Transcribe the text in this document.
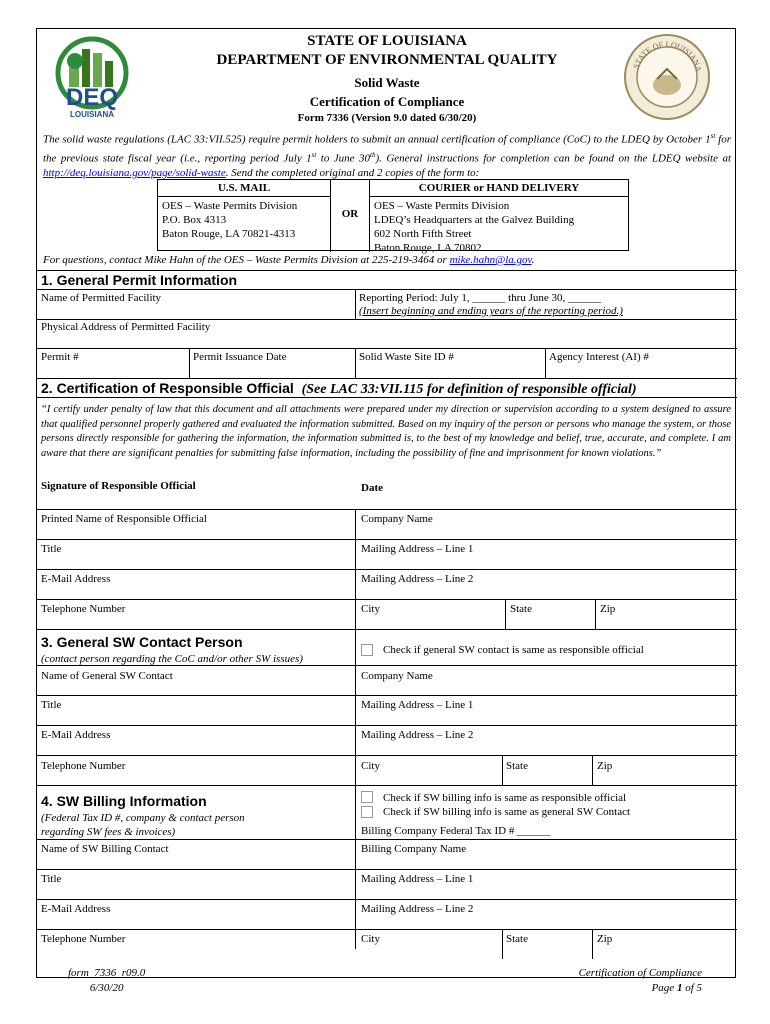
DEQ
LOUISIANA
STATE OF LOUISIANA
DEPARTMENT OF ENVIRONMENTAL QUALITY
Solid Waste
Certification of Compliance
Form 7336 (Version 9.0 dated 6/30/20)
STATE OF LOUISIANA
The solid waste regulations (LAC 33:VII.525) require permit holders to submit an annual certification of compliance (CoC) to the LDEQ by October 1st for the previous state fiscal year (i.e., reporting period July 1st to June 30th). General instructions for completion can be found on the LDEQ website at http://deq.louisiana.gov/page/solid-waste. Send the completed original and 2 copies of the form to:
U.S. MAIL
OES – Waste Permits Division
P.O. Box 4313
Baton Rouge, LA 70821-4313
OR
COURIER or HAND DELIVERY
OES – Waste Permits Division
LDEQ’s Headquarters at the Galvez Building
602 North Fifth Street
Baton Rouge, LA 70802
For questions, contact Mike Hahn of the OES – Waste Permits Division at 225-219-3464 or mike.hahn@la.gov.
1. General Permit Information
Name of Permitted Facility	Reporting Period: July 1, ______ thru June 30, ______
(Insert beginning and ending years of the reporting period.)
Physical Address of Permitted Facility
Permit #	Permit Issuance Date	Solid Waste Site ID #	Agency Interest (AI) #
2. Certification of Responsible Official (See LAC 33:VII.115 for definition of responsible official)
“I certify under penalty of law that this document and all attachments were prepared under my direction or supervision according to a system designed to assure that qualified personnel properly gathered and evaluated the information submitted. Based on my inquiry of the person or persons who manage the system, or those persons directly responsible for gathering the information, the information submitted is, to the best of my knowledge and belief, true, accurate, and complete. I am aware that there are significant penalties for submitting false information, including the possibility of fine and imprisonment for known violations.”
Signature of Responsible Official	Date
Printed Name of Responsible Official	Company Name
Title	Mailing Address – Line 1
E-Mail Address	Mailing Address – Line 2
Telephone Number	City	State	Zip
3. General SW Contact Person
(contact person regarding the CoC and/or other SW issues)
Check if general SW contact is same as responsible official
Name of General SW Contact	Company Name
Title	Mailing Address – Line 1
E-Mail Address	Mailing Address – Line 2
Telephone Number	City	State	Zip
4. SW Billing Information
(Federal Tax ID #, company & contact person
regarding SW fees & invoices)
Check if SW billing info is same as responsible official
Check if SW billing info is same as general SW Contact
Billing Company Federal Tax ID # ______
Name of SW Billing Contact	Billing Company Name
Title	Mailing Address – Line 1
E-Mail Address	Mailing Address – Line 2
Telephone Number	City	State	Zip
form_7336_r09.0
6/30/20
Certification of Compliance
Page 1 of 5
